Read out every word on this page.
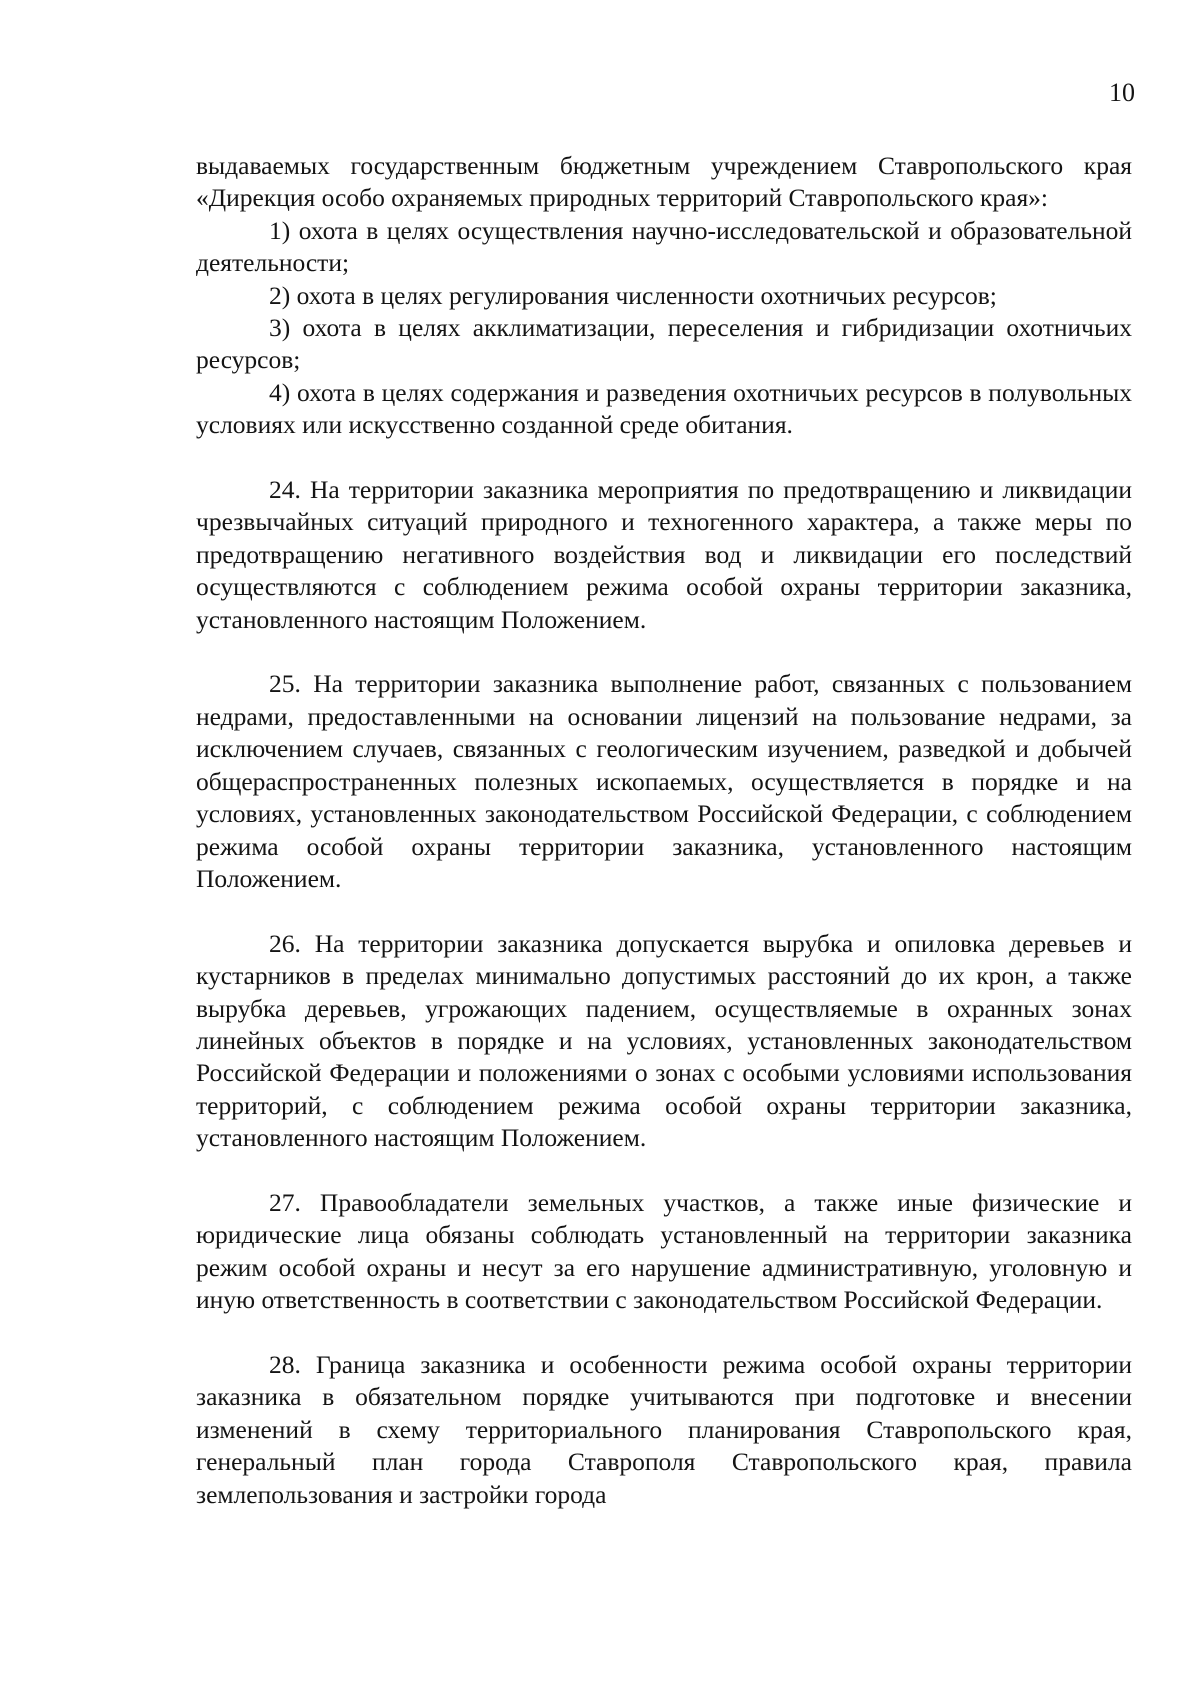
10

выдаваемых государственным бюджетным учреждением Ставропольского края «Дирекция особо охраняемых природных территорий Ставропольского края»:

1) охота в целях осуществления научно-исследовательской и образовательной деятельности;

2) охота в целях регулирования численности охотничьих ресурсов;

3) охота в целях акклиматизации, переселения и гибридизации охотничьих ресурсов;

4) охота в целях содержания и разведения охотничьих ресурсов в полувольных условиях или искусственно созданной среде обитания.

24. На территории заказника мероприятия по предотвращению и ликвидации чрезвычайных ситуаций природного и техногенного характера, а также меры по предотвращению негативного воздействия вод и ликвидации его последствий осуществляются с соблюдением режима особой охраны территории заказника, установленного настоящим Положением.

25. На территории заказника выполнение работ, связанных с пользованием недрами, предоставленными на основании лицензий на пользование недрами, за исключением случаев, связанных с геологическим изучением, разведкой и добычей общераспространенных полезных ископаемых, осуществляется в порядке и на условиях, установленных законодательством Российской Федерации, с соблюдением режима особой охраны территории заказника, установленного настоящим Положением.

26. На территории заказника допускается вырубка и опиловка деревьев и кустарников в пределах минимально допустимых расстояний до их крон, а также вырубка деревьев, угрожающих падением, осуществляемые в охранных зонах линейных объектов в порядке и на условиях, установленных законодательством Российской Федерации и положениями о зонах с особыми условиями использования территорий, с соблюдением режима особой охраны территории заказника, установленного настоящим Положением.

27. Правообладатели земельных участков, а также иные физические и юридические лица обязаны соблюдать установленный на территории заказника режим особой охраны и несут за его нарушение административную, уголовную и иную ответственность в соответствии с законодательством Российской Федерации.

28. Граница заказника и особенности режима особой охраны территории заказника в обязательном порядке учитываются при подготовке и внесении изменений в схему территориального планирования Ставропольского края, генеральный план города Ставрополя Ставропольского края, правила землепользования и застройки города
